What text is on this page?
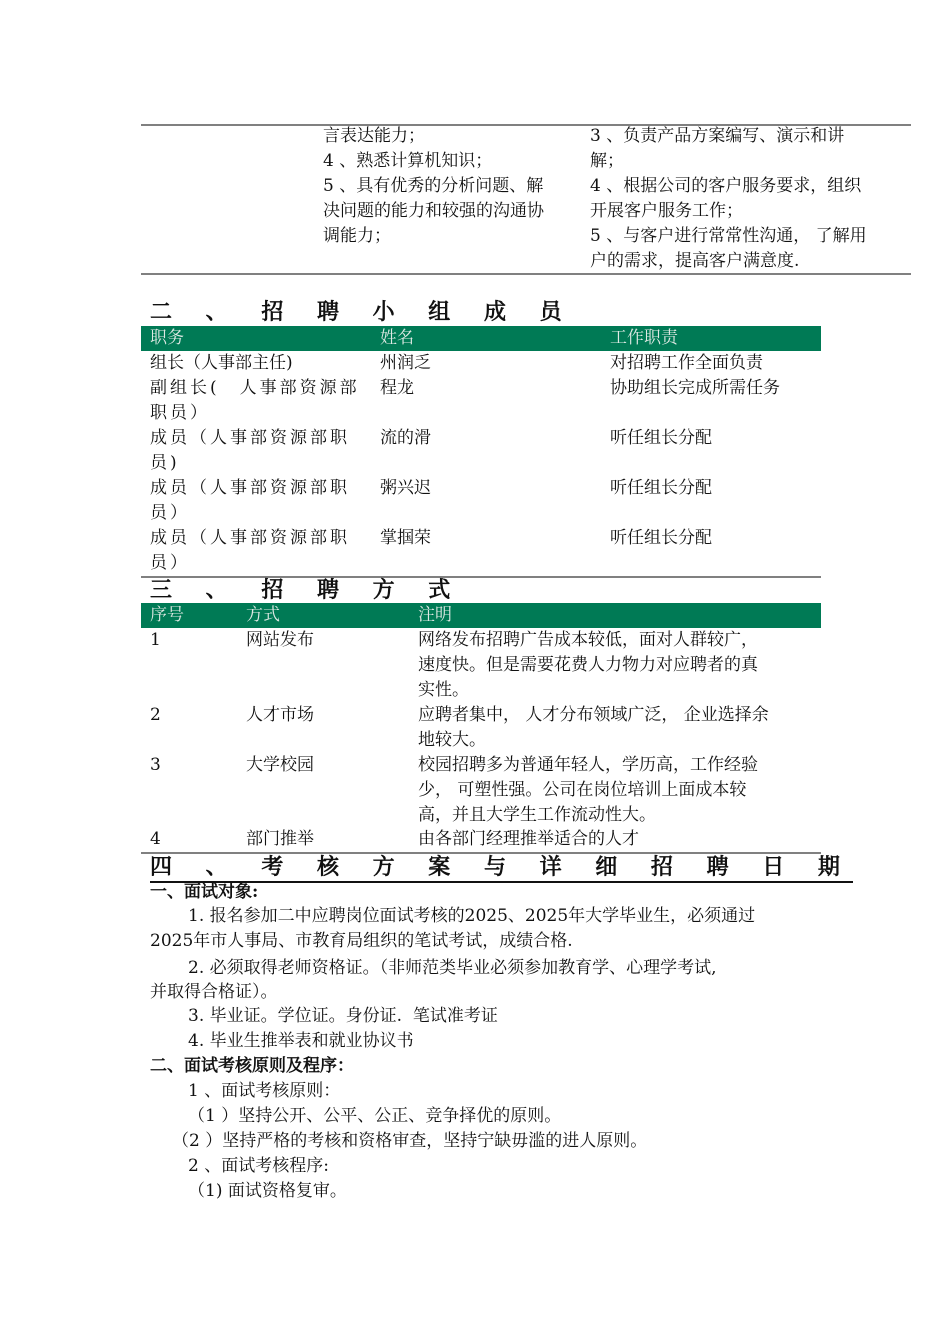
言表达能力；
4 、熟悉计算机知识；
5 、具有优秀的分析问题、解
决问题的能力和较强的沟通协
调能力；
3 、负责产品方案编写、演示和讲
解；
4 、根据公司的客户服务要求，组织
开展客户服务工作；
5 、与客户进行常常性沟通， 了解用
户的需求，提高客户满意度.
二 、 招 聘 小 组 成 员
职务	姓名	工作职责
组长（人事部主任)	州润乏	对招聘工作全面负责
副组长(　人事部资源部
职员）
程龙	协助组长完成所需任务
成员（人事部资源部职
员)
流的滑	听任组长分配
成员（人事部资源部职
员）
粥兴迟	听任组长分配
成员（人事部资源部职
员）
掌掴荣	听任组长分配
三 、 招 聘 方 式
序号	方式	注明
1	网站发布	网络发布招聘广告成本较低，面对人群较广，
速度快。但是需要花费人力物力对应聘者的真
实性。
2	人才市场	应聘者集中， 人才分布领域广泛， 企业选择余
地较大。
3	大学校园	校园招聘多为普通年轻人，学历高，工作经验
少， 可塑性强。公司在岗位培训上面成本较
高，并且大学生工作流动性大。
4	部门推举	由各部门经理推举适合的人才
四 、 考 核 方 案 与 详 细 招 聘 日 期
一、面试对象:
1. 报名参加二中应聘岗位面试考核的2025、2025年大学毕业生，必须通过
2025年市人事局、市教育局组织的笔试考试，成绩合格.
2. 必须取得老师资格证。（非师范类毕业必须参加教育学、心理学考试,
并取得合格证）。
3. 毕业证。学位证。身份证.  笔试准考证
4. 毕业生推举表和就业协议书
二、面试考核原则及程序：
1 、面试考核原则：
（1 ）坚持公开、公平、公正、竞争择优的原则。
（2 ）坚持严格的考核和资格审查，坚持宁缺毋滥的进人原则。
2 、面试考核程序:
（1) 面试资格复审。
